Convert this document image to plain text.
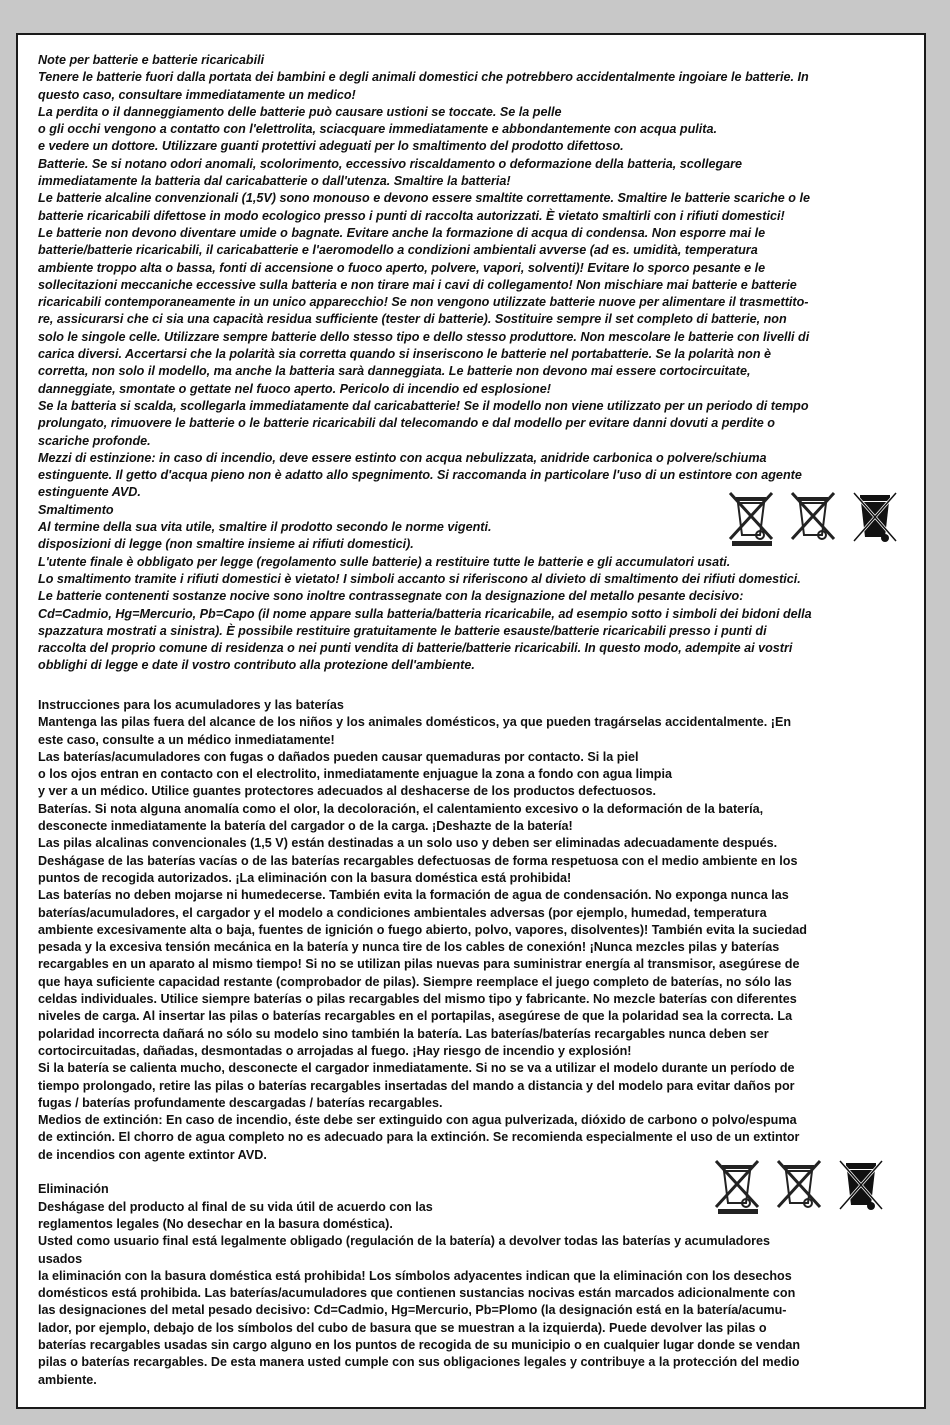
Note per batterie e batterie ricaricabili
Tenere le batterie fuori dalla portata dei bambini e degli animali domestici che potrebbero accidentalmente ingoiare le batterie. In
questo caso, consultare immediatamente un medico!
La perdita o il danneggiamento delle batterie può causare ustioni se toccate. Se la pelle
o gli occhi vengono a contatto con l'elettrolita, sciacquare immediatamente e abbondantemente con acqua pulita.
e vedere un dottore. Utilizzare guanti protettivi adeguati per lo smaltimento del prodotto difettoso.
Batterie. Se si notano odori anomali, scolorimento, eccessivo riscaldamento o deformazione della batteria, scollegare
immediatamente la batteria dal caricabatterie o dall'utenza. Smaltire la batteria!
Le batterie alcaline convenzionali (1,5V) sono monouso e devono essere smaltite correttamente. Smaltire le batterie scariche o le
batterie ricaricabili difettose in modo ecologico presso i punti di raccolta autorizzati. È vietato smaltirli con i rifiuti domestici!
Le batterie non devono diventare umide o bagnate. Evitare anche la formazione di acqua di condensa. Non esporre mai le
batterie/batterie ricaricabili, il caricabatterie e l'aeromodello a condizioni ambientali avverse (ad es. umidità, temperatura
ambiente troppo alta o bassa, fonti di accensione o fuoco aperto, polvere, vapori, solventi)! Evitare lo sporco pesante e le
sollecitazioni meccaniche eccessive sulla batteria e non tirare mai i cavi di collegamento! Non mischiare mai batterie e batterie
ricaricabili contemporaneamente in un unico apparecchio! Se non vengono utilizzate batterie nuove per alimentare il trasmettito-
re, assicurarsi che ci sia una capacità residua sufficiente (tester di batterie). Sostituire sempre il set completo di batterie, non
solo le singole celle. Utilizzare sempre batterie dello stesso tipo e dello stesso produttore. Non mescolare le batterie con livelli di
carica diversi. Accertarsi che la polarità sia corretta quando si inseriscono le batterie nel portabatterie. Se la polarità non è
corretta, non solo il modello, ma anche la batteria sarà danneggiata. Le batterie non devono mai essere cortocircuitate,
danneggiate, smontate o gettate nel fuoco aperto. Pericolo di incendio ed esplosione!
Se la batteria si scalda, scollegarla immediatamente dal caricabatterie! Se il modello non viene utilizzato per un periodo di tempo
prolungato, rimuovere le batterie o le batterie ricaricabili dal telecomando e dal modello per evitare danni dovuti a perdite o
scariche profonde.
Mezzi di estinzione: in caso di incendio, deve essere estinto con acqua nebulizzata, anidride carbonica o polvere/schiuma
estinguente. Il getto d'acqua pieno non è adatto allo spegnimento. Si raccomanda in particolare l'uso di un estintore con agente
estinguente AVD.
Smaltimento
Al termine della sua vita utile, smaltire il prodotto secondo le norme vigenti.
disposizioni di legge (non smaltire insieme ai rifiuti domestici).
L'utente finale è obbligato per legge (regolamento sulle batterie) a restituire tutte le batterie e gli accumulatori usati.
Lo smaltimento tramite i rifiuti domestici è vietato! I simboli accanto si riferiscono al divieto di smaltimento dei rifiuti domestici.
Le batterie contenenti sostanze nocive sono inoltre contrassegnate con la designazione del metallo pesante decisivo:
Cd=Cadmio, Hg=Mercurio, Pb=Capo (il nome appare sulla batteria/batteria ricaricabile, ad esempio sotto i simboli dei bidoni della
spazzatura mostrati a sinistra). È possibile restituire gratuitamente le batterie esauste/batterie ricaricabili presso i punti di
raccolta del proprio comune di residenza o nei punti vendita di batterie/batterie ricaricabili. In questo modo, adempite ai vostri
obblighi di legge e date il vostro contributo alla protezione dell'ambiente.
Instrucciones para los acumuladores y las baterías
Mantenga las pilas fuera del alcance de los niños y los animales domésticos, ya que pueden tragárselas accidentalmente. ¡En
este caso, consulte a un médico inmediatamente!
Las baterías/acumuladores con fugas o dañados pueden causar quemaduras por contacto. Si la piel
o los ojos entran en contacto con el electrolito, inmediatamente enjuague la zona a fondo con agua limpia
y ver a un médico. Utilice guantes protectores adecuados al deshacerse de los productos defectuosos.
Baterías. Si nota alguna anomalía como el olor, la decoloración, el calentamiento excesivo o la deformación de la batería,
desconecte inmediatamente la batería del cargador o de la carga. ¡Deshazte de la batería!
Las pilas alcalinas convencionales (1,5 V) están destinadas a un solo uso y deben ser eliminadas adecuadamente después.
Deshágase de las baterías vacías o de las baterías recargables defectuosas de forma respetuosa con el medio ambiente en los
puntos de recogida autorizados. ¡La eliminación con la basura doméstica está prohibida!
Las baterías no deben mojarse ni humedecerse. También evita la formación de agua de condensación. No exponga nunca las
baterías/acumuladores, el cargador y el modelo a condiciones ambientales adversas (por ejemplo, humedad, temperatura
ambiente excesivamente alta o baja, fuentes de ignición o fuego abierto, polvo, vapores, disolventes)! También evita la suciedad
pesada y la excesiva tensión mecánica en la batería y nunca tire de los cables de conexión! ¡Nunca mezcles pilas y baterías
recargables en un aparato al mismo tiempo! Si no se utilizan pilas nuevas para suministrar energía al transmisor, asegúrese de
que haya suficiente capacidad restante (comprobador de pilas). Siempre reemplace el juego completo de baterías, no sólo las
celdas individuales. Utilice siempre baterías o pilas recargables del mismo tipo y fabricante. No mezcle baterías con diferentes
niveles de carga. Al insertar las pilas o baterías recargables en el portapilas, asegúrese de que la polaridad sea la correcta. La
polaridad incorrecta dañará no sólo su modelo sino también la batería. Las baterías/baterías recargables nunca deben ser
cortocircuitadas, dañadas, desmontadas o arrojadas al fuego. ¡Hay riesgo de incendio y explosión!
Si la batería se calienta mucho, desconecte el cargador inmediatamente. Si no se va a utilizar el modelo durante un período de
tiempo prolongado, retire las pilas o baterías recargables insertadas del mando a distancia y del modelo para evitar daños por
fugas / baterías profundamente descargadas / baterías recargables.
Medios de extinción: En caso de incendio, éste debe ser extinguido con agua pulverizada, dióxido de carbono o polvo/espuma
de extinción. El chorro de agua completo no es adecuado para la extinción. Se recomienda especialmente el uso de un extintor
de incendios con agente extintor AVD.

Eliminación
Deshágase del producto al final de su vida útil de acuerdo con las
reglamentos legales (No desechar en la basura doméstica).
Usted como usuario final está legalmente obligado (regulación de la batería) a devolver todas las baterías y acumuladores
usados
la eliminación con la basura doméstica está prohibida! Los símbolos adyacentes indican que la eliminación con los desechos
domésticos está prohibida. Las baterías/acumuladores que contienen sustancias nocivas están marcados adicionalmente con
las designaciones del metal pesado decisivo: Cd=Cadmio, Hg=Mercurio, Pb=Plomo (la designación está en la batería/acumu-
lador, por ejemplo, debajo de los símbolos del cubo de basura que se muestran a la izquierda). Puede devolver las pilas o
baterías recargables usadas sin cargo alguno en los puntos de recogida de su municipio o en cualquier lugar donde se vendan
pilas o baterías recargables. De esta manera usted cumple con sus obligaciones legales y contribuye a la protección del medio
ambiente.
